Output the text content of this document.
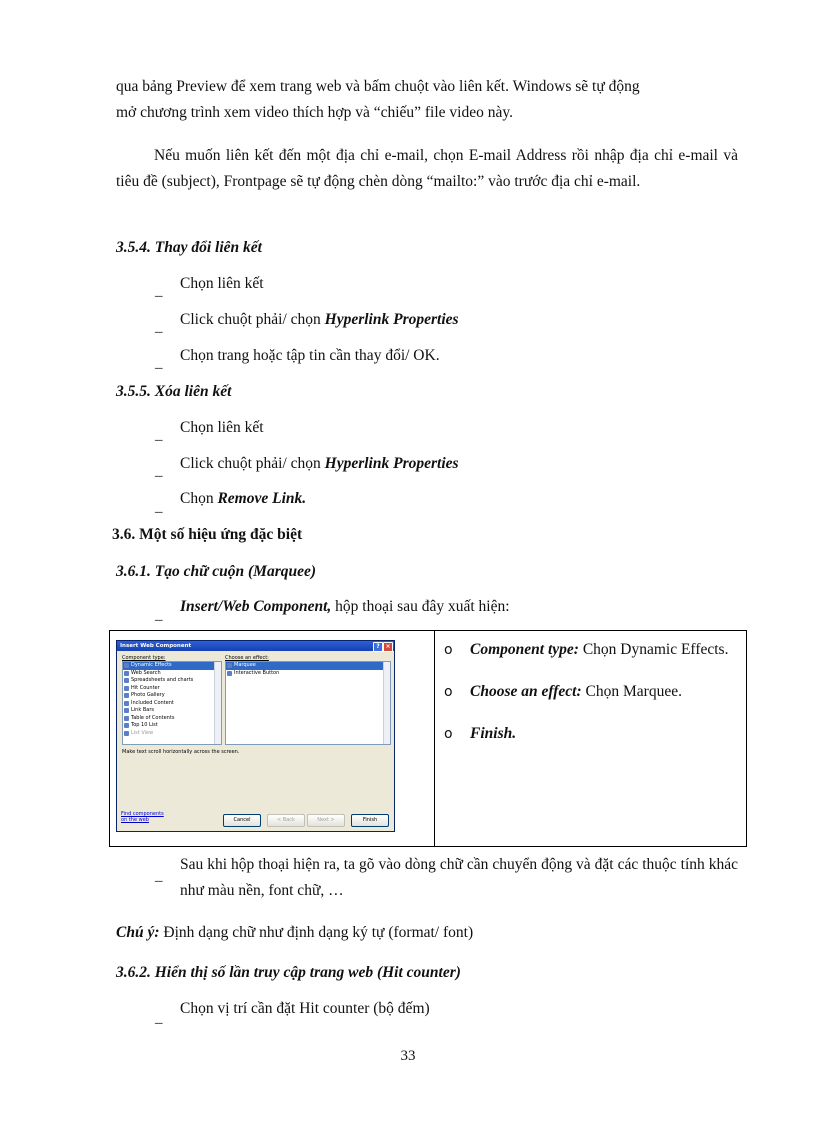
qua bảng Preview để xem trang web và bấm chuột vào liên kết. Windows sẽ tự động
mở chương trình xem video thích hợp và “chiếu” file video này.
Nếu muốn liên kết đến một địa chỉ e-mail, chọn E-mail Address rồi nhập địa chỉ e-mail và tiêu đề (subject), Frontpage sẽ tự động chèn dòng “mailto:” vào trước địa chỉ e-mail.
3.5.4. Thay đổi liên kết
_ Chọn liên kết
_ Click chuột phải/ chọn Hyperlink Properties
_ Chọn trang hoặc tập tin cần thay đổi/ OK.
3.5.5. Xóa liên kết
_ Chọn liên kết
_ Click chuột phải/ chọn Hyperlink Properties
_ Chọn Remove Link.
3.6. Một số hiệu ứng đặc biệt
3.6.1. Tạo chữ cuộn (Marquee)
_ Insert/Web Component, hộp thoại sau đây xuất hiện:
o Component type: Chọn Dynamic Effects.
o Choose an effect: Chọn Marquee.
o Finish.
Insert Web Component	? ×
Component type:	Choose an effect:
Dynamic Effects
Web Search
Spreadsheets and charts
Hit Counter
Photo Gallery
Included Content
Link Bars
Table of Contents
Top 10 List
List View
Marquee
Interactive Button
Make text scroll horizontally across the screen.
Find components
on the web	Cancel	< Back	Next >	Finish
_
Sau khi hộp thoại hiện ra, ta gõ vào dòng chữ cần chuyển động và đặt các thuộc tính khác như màu nền, font chữ, …
Chú ý: Định dạng chữ như định dạng ký tự (format/ font)
3.6.2. Hiển thị số lần truy cập trang web (Hit counter)
_
Chọn vị trí cần đặt Hit counter (bộ đếm)
33
